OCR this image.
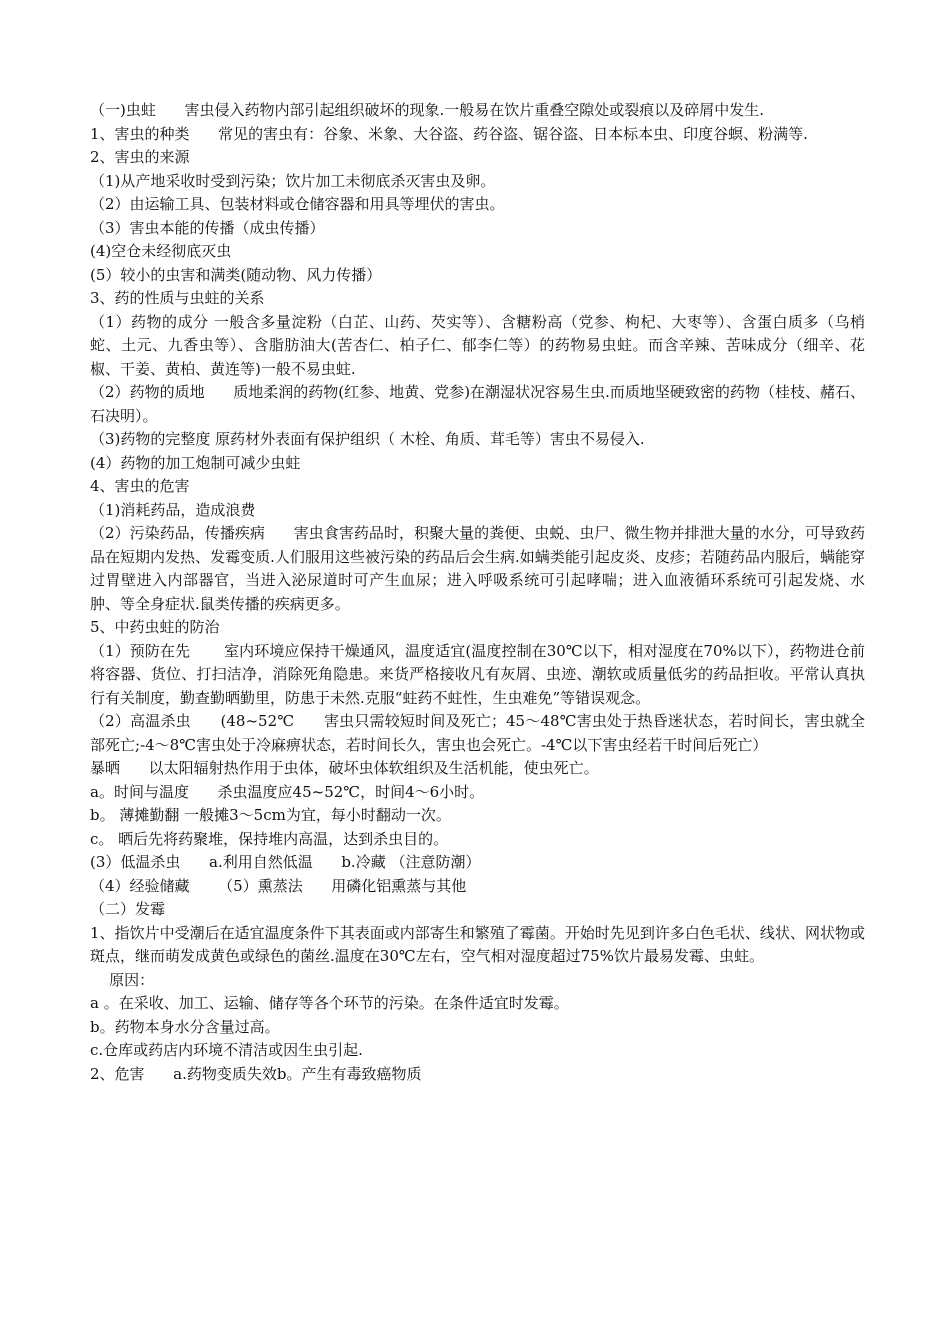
（一)虫蛀      害虫侵入药物内部引起组织破坏的现象.一般易在饮片重叠空隙处或裂痕以及碎屑中发生.

1、害虫的种类      常见的害虫有：谷象、米象、大谷盗、药谷盗、锯谷盗、日本标本虫、印度谷螟、粉满等.

2、害虫的来源

（1)从产地采收时受到污染；饮片加工未彻底杀灭害虫及卵。

（2）由运输工具、包装材料或仓储容器和用具等埋伏的害虫。

（3）害虫本能的传播（成虫传播）

(4)空仓未经彻底灭虫

(5）较小的虫害和满类(随动物、风力传播）

3、药的性质与虫蛀的关系

（1）药物的成分 一般含多量淀粉（白芷、山药、芡实等）、含糖粉高（党参、枸杞、大枣等）、含蛋白质多（乌梢蛇、土元、九香虫等）、含脂肪油大(苦杏仁、柏子仁、郁李仁等）的药物易虫蛀。而含辛辣、苦味成分（细辛、花椒、干姜、黄柏、黄连等)一般不易虫蛀.

（2）药物的质地      质地柔润的药物(红参、地黄、党参)在潮湿状况容易生虫.而质地坚硬致密的药物（桂枝、赭石、石决明）。

（3)药物的完整度 原药材外表面有保护组织（ 木栓、角质、茸毛等）害虫不易侵入.

(4）药物的加工炮制可减少虫蛀

4、害虫的危害

（1)消耗药品，造成浪费

（2）污染药品，传播疾病      害虫食害药品时，积聚大量的粪便、虫蜕、虫尸、微生物并排泄大量的水分，可导致药品在短期内发热、发霉变质.人们服用这些被污染的药品后会生病.如螨类能引起皮炎、皮疹；若随药品内服后，螨能穿过胃壁进入内部器官，当进入泌尿道时可产生血尿；进入呼吸系统可引起哮喘；进入血液循环系统可引起发烧、水肿、等全身症状.鼠类传播的疾病更多。

5、中药虫蛀的防治

（1）预防在先       室内环境应保持干燥通风，温度适宜(温度控制在30℃以下，相对湿度在70%以下），药物进仓前将容器、货位、打扫洁净，消除死角隐患。来货严格接收凡有灰屑、虫迹、潮软或质量低劣的药品拒收。平常认真执行有关制度，勤查勤晒勤里，防患于未然.克服“蛀药不蛀性，生虫难免”等错误观念。

（2）高温杀虫      (48~52℃      害虫只需较短时间及死亡；45～48℃害虫处于热昏迷状态，若时间长，害虫就全部死亡;-4～8℃害虫处于冷麻痹状态，若时间长久，害虫也会死亡。-4℃以下害虫经若干时间后死亡）

暴晒      以太阳辐射热作用于虫体，破坏虫体软组织及生活机能，使虫死亡。

a。时间与温度      杀虫温度应45~52℃，时间4～6小时。

b。 薄摊勤翻 一般摊3～5cm为宜，每小时翻动一次。

c。 晒后先将药聚堆，保持堆内高温，达到杀虫目的。

(3）低温杀虫      a.利用自然低温      b.冷藏 （注意防潮）

（4）经验储藏      （5）熏蒸法      用磷化铝熏蒸与其他

（二）发霉

1、指饮片中受潮后在适宜温度条件下其表面或内部寄生和繁殖了霉菌。开始时先见到许多白色毛状、线状、网状物或斑点，继而萌发成黄色或绿色的菌丝.温度在30℃左右，空气相对湿度超过75%饮片最易发霉、虫蛀。

原因：

a 。在采收、加工、运输、储存等各个环节的污染。在条件适宜时发霉。

b。药物本身水分含量过高。

c.仓库或药店内环境不清洁或因生虫引起.

2、危害      a.药物变质失效b。产生有毒致癌物质
